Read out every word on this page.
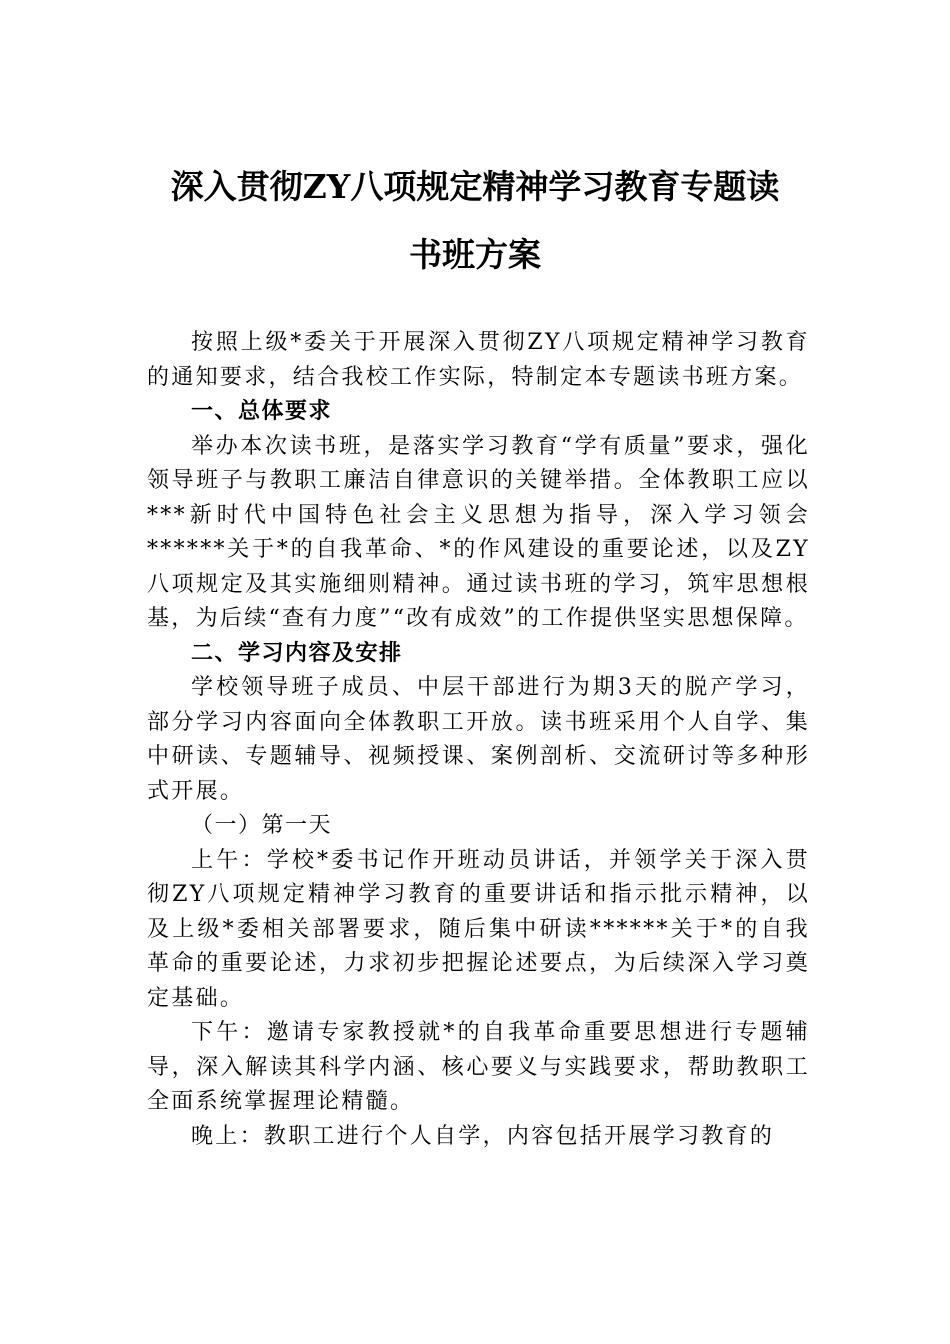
深入贯彻ZY八项规定精神学习教育专题读
书班方案

按照上级*委关于开展深入贯彻ZY八项规定精神学习教育的通知要求，结合我校工作实际，特制定本专题读书班方案。

一、总体要求

举办本次读书班，是落实学习教育“学有质量”要求，强化领导班子与教职工廉洁自律意识的关键举措。全体教职工应以***新时代中国特色社会主义思想为指导，深入学习领会******关于*的自我革命、*的作风建设的重要论述，以及ZY八项规定及其实施细则精神。通过读书班的学习，筑牢思想根基，为后续“查有力度”“改有成效”的工作提供坚实思想保障。

二、学习内容及安排

学校领导班子成员、中层干部进行为期3天的脱产学习，部分学习内容面向全体教职工开放。读书班采用个人自学、集中研读、专题辅导、视频授课、案例剖析、交流研讨等多种形式开展。

（一）第一天

上午：学校*委书记作开班动员讲话，并领学关于深入贯彻ZY八项规定精神学习教育的重要讲话和指示批示精神，以及上级*委相关部署要求，随后集中研读******关于*的自我革命的重要论述，力求初步把握论述要点，为后续深入学习奠定基础。

下午：邀请专家教授就*的自我革命重要思想进行专题辅导，深入解读其科学内涵、核心要义与实践要求，帮助教职工全面系统掌握理论精髓。

晚上：教职工进行个人自学，内容包括开展学习教育的
